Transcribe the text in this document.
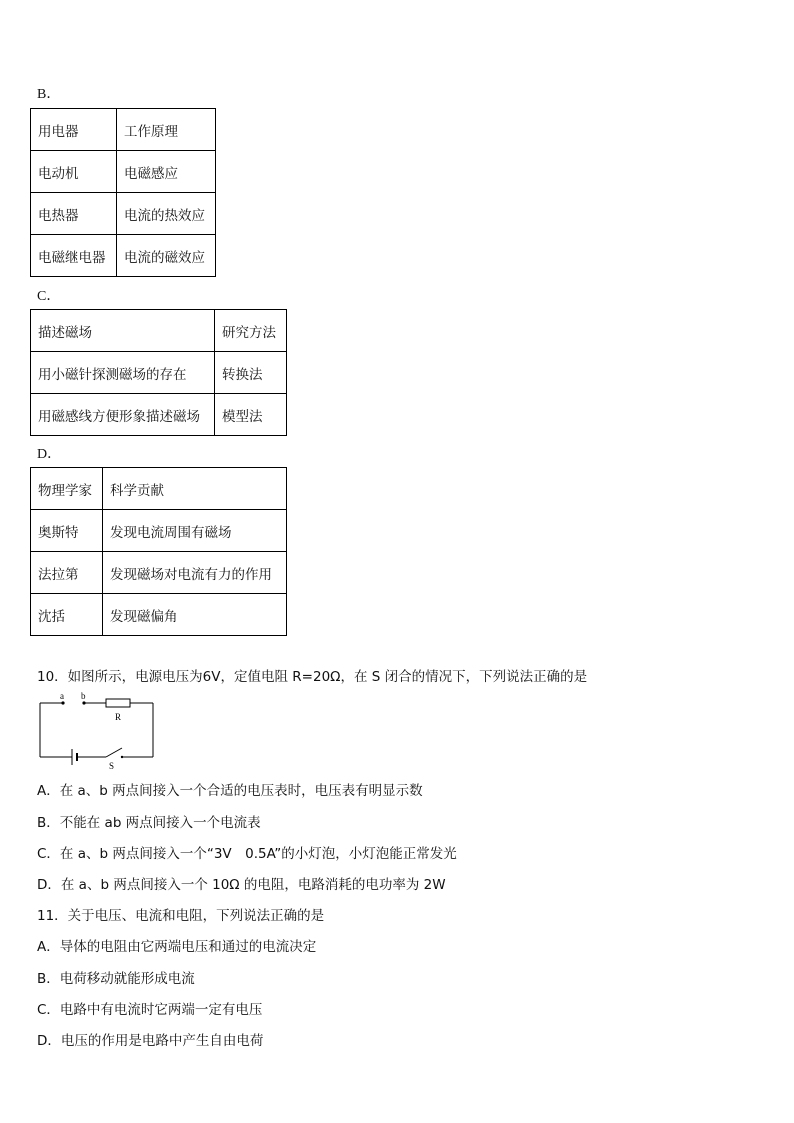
B．
用电器	工作原理
电动机	电磁感应
电热器	电流的热效应
电磁继电器	电流的磁效应
C．
描述磁场	研究方法
用小磁针探测磁场的存在	转换法
用磁感线方便形象描述磁场	模型法
D．
物理学家	科学贡献
奥斯特	发现电流周围有磁场
法拉第	发现磁场对电流有力的作用
沈括	发现磁偏角
10．如图所示，电源电压为6V，定值电阻 R=20Ω，在 S 闭合的情况下，下列说法正确的是
a b
R
S
A．在 a、b 两点间接入一个合适的电压表时，电压表有明显示数
B．不能在 ab 两点间接入一个电流表
C．在 a、b 两点间接入一个“3V　0.5A”的小灯泡，小灯泡能正常发光
D．在 a、b 两点间接入一个 10Ω 的电阻，电路消耗的电功率为 2W
11．关于电压、电流和电阻，下列说法正确的是
A．导体的电阻由它两端电压和通过的电流决定
B．电荷移动就能形成电流
C．电路中有电流时它两端一定有电压
D．电压的作用是电路中产生自由电荷
